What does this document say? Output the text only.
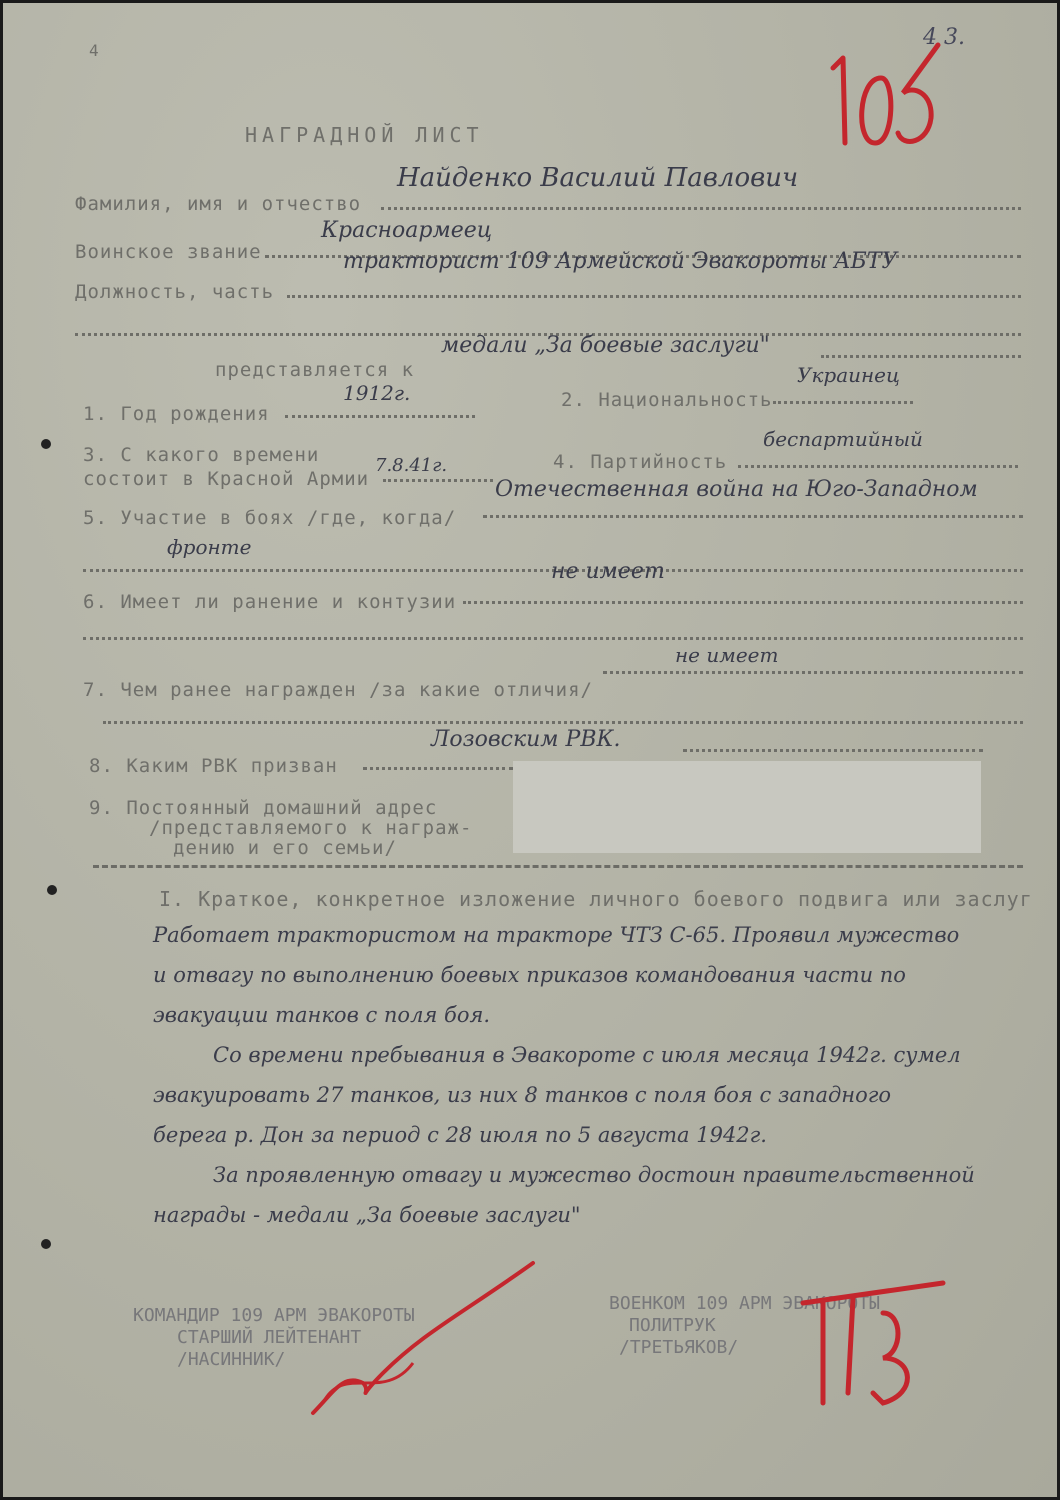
4
4 3.
НАГРАДНОЙ ЛИСТ
Фамилия, имя и отчество
Найденко Василий Павлович
Воинское звание
Красноармеец
Должность, часть
тракторист 109 Армейской Эвакороты АБТУ
представляется к
медали „За боевые заслуги"
1. Год рождения
1912г.	2. Национальность
Украинец
3. С какого времени состоит в Красной Армии
7.8.41г.	4. Партийность
беспартийный
5. Участие в боях /где, когда/
Отечественная война на Юго-Западном
фронте
6. Имеет ли ранение и контузии
не имеет
7. Чем ранее награжден /за какие отличия/
не имеет
8. Каким РВК призван
Лозовским РВК.
9. Постоянный домашний адрес
/представляемого к награж-
дению и его семьи/
I. Краткое, конкретное изложение личного боевого подвига или заслуг
Работает трактористом на тракторе ЧТЗ С-65. Проявил мужество
и отвагу по выполнению боевых приказов командования части по
эвакуации танков с поля боя.
Со времени пребывания в Эвакороте с июля месяца 1942г. сумел
эвакуировать 27 танков, из них 8 танков с поля боя с западного
берега р. Дон за период с 28 июля по 5 августа 1942г.
За проявленную отвагу и мужество достоин правительственной
награды - медали „За боевые заслуги"
КОМАНДИР 109 АРМ ЭВАКОРОТЫ
СТАРШИЙ ЛЕЙТЕНАНТ
/НАСИННИК/
ВОЕНКОМ 109 АРМ ЭВАКОРОТЫ
ПОЛИТРУК
/ТРЕТЬЯКОВ/
